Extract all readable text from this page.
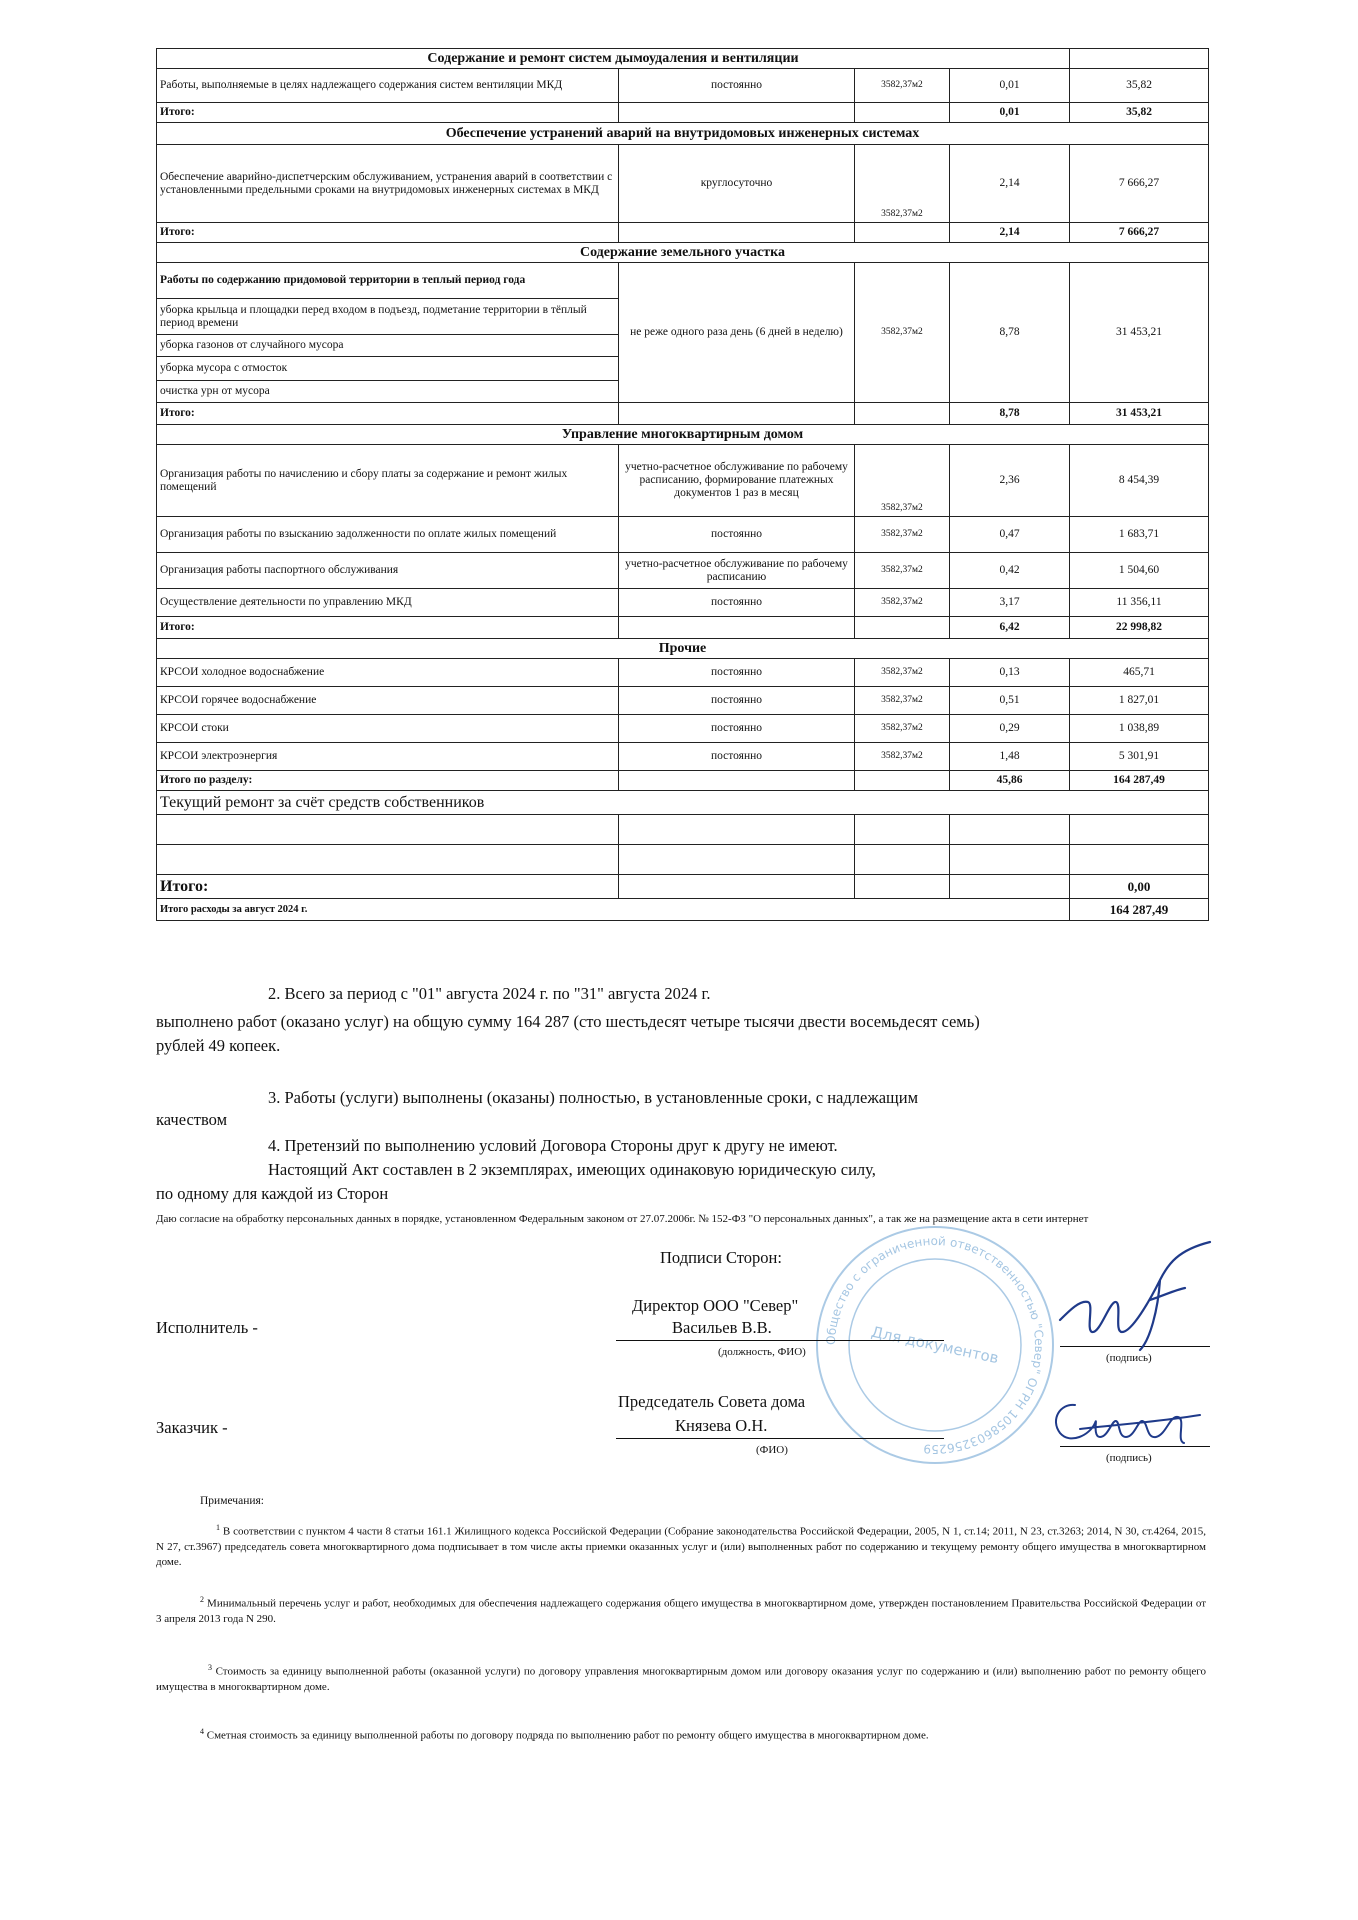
Содержание и ремонт систем дымоудаления и вентиляции				
Работы, выполняемые в целях надлежащего содержания систем вентиляции МКД	постоянно	3582,37м2	0,01	35,82
Итого:			0,01	35,82
Обеспечение устранений аварий на внутридомовых инженерных системах				
Обеспечение аварийно-диспетчерским обслуживанием, устранения аварий в соответствии с установленными предельными сроками на внутридомовых инженерных системах в МКД	круглосуточно	3582,37м2	2,14	7 666,27
Итого:			2,14	7 666,27
Содержание земельного участка				
Работы по содержанию придомовой территории в теплый период года	не реже одного раза день (6 дней в неделю)	3582,37м2	8,78	31 453,21
уборка крыльца и площадки перед входом в подъезд, подметание территории в тёплый период времени				
уборка газонов от случайного мусора				
уборка мусора с отмосток				
очистка урн от мусора				
Итого:			8,78	31 453,21
Управление многоквартирным домом				
Организация работы по начислению и сбору платы за содержание и ремонт жилых помещений	учетно-расчетное обслуживание по рабочему расписанию, формирование платежных документов 1 раз в месяц	3582,37м2	2,36	8 454,39
Организация работы по взысканию задолженности по оплате жилых помещений	постоянно	3582,37м2	0,47	1 683,71
Организация работы паспортного обслуживания	учетно-расчетное обслуживание по рабочему расписанию	3582,37м2	0,42	1 504,60
Осуществление деятельности по управлению МКД	постоянно	3582,37м2	3,17	11 356,11
Итого:			6,42	22 998,82
Прочие				
КРСОИ холодное водоснабжение	постоянно	3582,37м2	0,13	465,71
КРСОИ горячее водоснабжение	постоянно	3582,37м2	0,51	1 827,01
КРСОИ стоки	постоянно	3582,37м2	0,29	1 038,89
КРСОИ электроэнергия	постоянно	3582,37м2	1,48	5 301,91
Итого по разделу:			45,86	164 287,49
Текущий ремонт за счёт средств собственников				

Итого:				0,00
Итого расходы за август 2024 г.				164 287,49
2. Всего за период с "01" августа 2024 г. по "31" августа 2024 г.
выполнено работ (оказано услуг) на общую сумму 164 287 (сто шестьдесят четыре тысячи двести восемьдесят семь)
рублей 49 копеек.
3. Работы (услуги) выполнены (оказаны) полностью, в установленные сроки, с надлежащим
качеством
4. Претензий по выполнению условий Договора Стороны друг к другу не имеют.
Настоящий Акт составлен в 2 экземплярах, имеющих одинаковую юридическую силу,
по одному для каждой из Сторон
Даю согласие на обработку персональных данных в порядке, установленном Федеральным законом от 27.07.2006г. № 152-ФЗ "О персональных данных", а так же на размещение акта в сети интернет
Общество с ограниченной ответственностью "Север" ОГРН 1058603256259
Для документов
Подписи Сторон:
Исполнитель -
Директор ООО "Север"
Васильев В.В.
(должность, ФИО)	(подпись)
Заказчик -
Председатель Совета дома
Князева О.Н.
(ФИО)
(подпись)
Примечания:
$^1$ В соответствии с пунктом 4 части 8 статьи 161.1 Жилищного кодекса Российской Федерации (Собрание законодательства Российской Федерации, 2005, N 1, ст.14; 2011, N 23, ст.3263; 2014, N 30, ст.4264, 2015, N 27, ст.3967) председатель совета многоквартирного дома подписывает в том числе акты приемки оказанных услуг и (или) выполненных работ по содержанию и текущему ремонту общего имущества в многоквартирном доме.
$^2$ Минимальный перечень услуг и работ, необходимых для обеспечения надлежащего содержания общего имущества в многоквартирном доме, утвержден постановлением Правительства Российской Федерации от 3 апреля 2013 года N 290.
$^3$ Стоимость за единицу выполненной работы (оказанной услуги) по договору управления многоквартирным домом или договору оказания услуг по содержанию и (или) выполнению работ по ремонту общего имущества в многоквартирном доме.
$^4$ Сметная стоимость за единицу выполненной работы по договору подряда по выполнению работ по ремонту общего имущества в многоквартирном доме.
